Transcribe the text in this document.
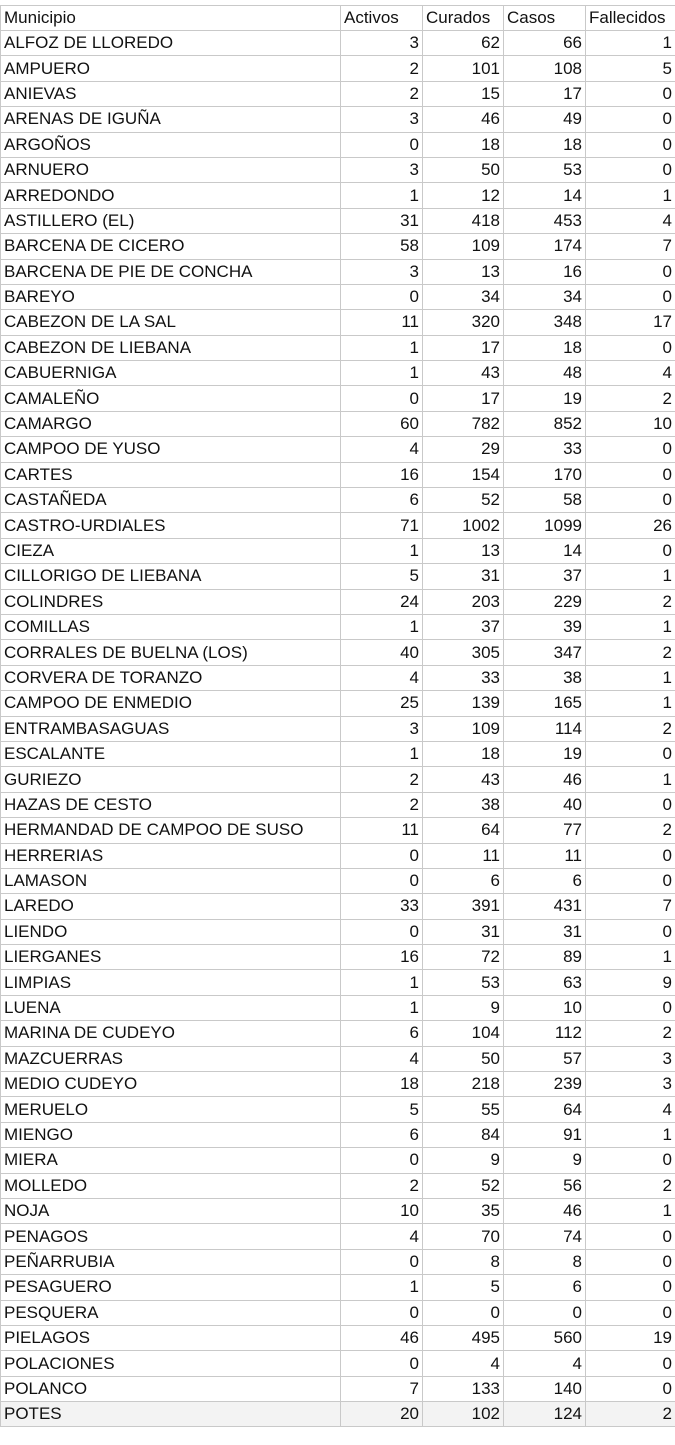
Municipio	Activos	Curados	Casos	Fallecidos
ALFOZ DE LLOREDO	3	62	66	1
AMPUERO	2	101	108	5
ANIEVAS	2	15	17	0
ARENAS DE IGUÑA	3	46	49	0
ARGOÑOS	0	18	18	0
ARNUERO	3	50	53	0
ARREDONDO	1	12	14	1
ASTILLERO (EL)	31	418	453	4
BARCENA DE CICERO	58	109	174	7
BARCENA DE PIE DE CONCHA	3	13	16	0
BAREYO	0	34	34	0
CABEZON DE LA SAL	11	320	348	17
CABEZON DE LIEBANA	1	17	18	0
CABUERNIGA	1	43	48	4
CAMALEÑO	0	17	19	2
CAMARGO	60	782	852	10
CAMPOO DE YUSO	4	29	33	0
CARTES	16	154	170	0
CASTAÑEDA	6	52	58	0
CASTRO-URDIALES	71	1002	1099	26
CIEZA	1	13	14	0
CILLORIGO DE LIEBANA	5	31	37	1
COLINDRES	24	203	229	2
COMILLAS	1	37	39	1
CORRALES DE BUELNA (LOS)	40	305	347	2
CORVERA DE TORANZO	4	33	38	1
CAMPOO DE ENMEDIO	25	139	165	1
ENTRAMBASAGUAS	3	109	114	2
ESCALANTE	1	18	19	0
GURIEZO	2	43	46	1
HAZAS DE CESTO	2	38	40	0
HERMANDAD DE CAMPOO DE SUSO	11	64	77	2
HERRERIAS	0	11	11	0
LAMASON	0	6	6	0
LAREDO	33	391	431	7
LIENDO	0	31	31	0
LIERGANES	16	72	89	1
LIMPIAS	1	53	63	9
LUENA	1	9	10	0
MARINA DE CUDEYO	6	104	112	2
MAZCUERRAS	4	50	57	3
MEDIO CUDEYO	18	218	239	3
MERUELO	5	55	64	4
MIENGO	6	84	91	1
MIERA	0	9	9	0
MOLLEDO	2	52	56	2
NOJA	10	35	46	1
PENAGOS	4	70	74	0
PEÑARRUBIA	0	8	8	0
PESAGUERO	1	5	6	0
PESQUERA	0	0	0	0
PIELAGOS	46	495	560	19
POLACIONES	0	4	4	0
POLANCO	7	133	140	0
POTES	20	102	124	2
